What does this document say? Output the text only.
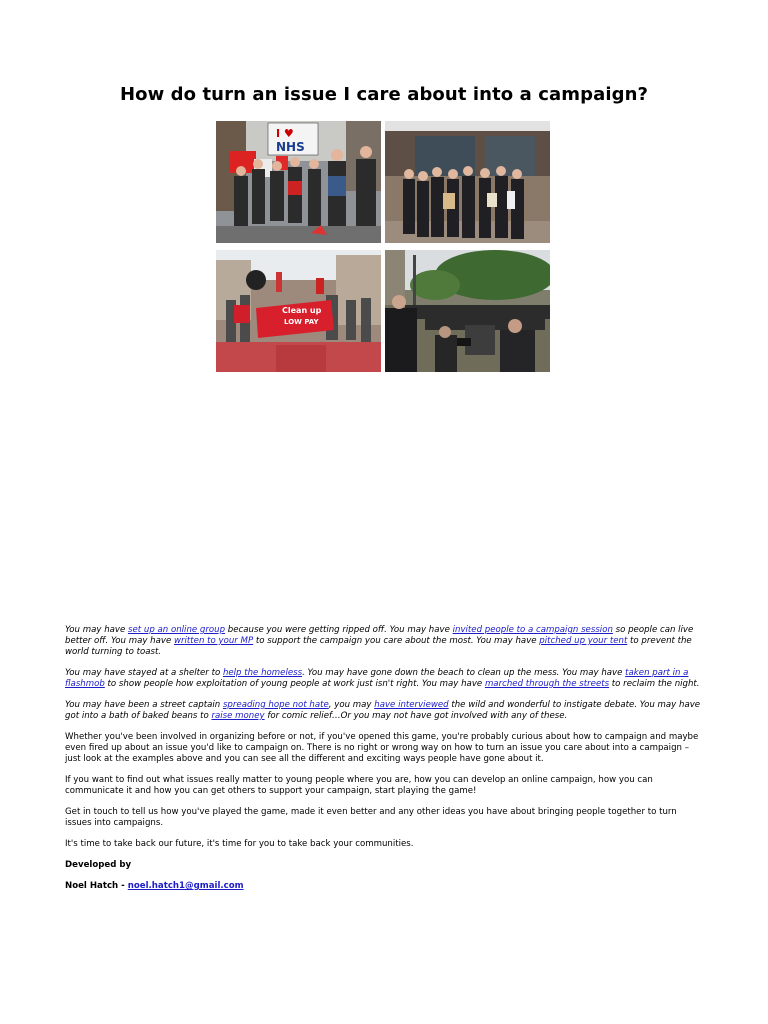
How do turn an issue I care about into a campaign?
I ♥
NHS
Clean up
LOW PAY

You may have set up an online group because you were getting ripped off. You may have invited people to a campaign session so people can live better off. You may have written to your MP to support the campaign you care about the most. You may have pitched up your tent to prevent the world turning to toast.

You may have stayed at a shelter to help the homeless. You may have gone down the beach to clean up the mess. You may have taken part in a flashmob to show people how exploitation of young people at work just isn't right. You may have marched through the streets to reclaim the night.

You may have been a street captain spreading hope not hate, you may have interviewed the wild and wonderful to instigate debate. You may have got into a bath of baked beans to raise money for comic relief…Or you may not have got involved with any of these.

Whether you've been involved in organizing before or not, if you've opened this game, you're probably curious about how to campaign and maybe even fired up about an issue you'd like to campaign on. There is no right or wrong way on how to turn an issue you care about into a campaign – just look at the examples above and you can see all the different and exciting ways people have gone about it.

If you want to find out what issues really matter to young people where you are, how you can develop an online campaign, how you can communicate it and how you can get others to support your campaign, start playing the game!

Get in touch to tell us how you've played the game, made it even better and any other ideas you have about bringing people together to turn issues into campaigns.

It's time to take back our future, it's time for you to take back your communities.

Developed by

Noel Hatch - noel.hatch1@gmail.com
